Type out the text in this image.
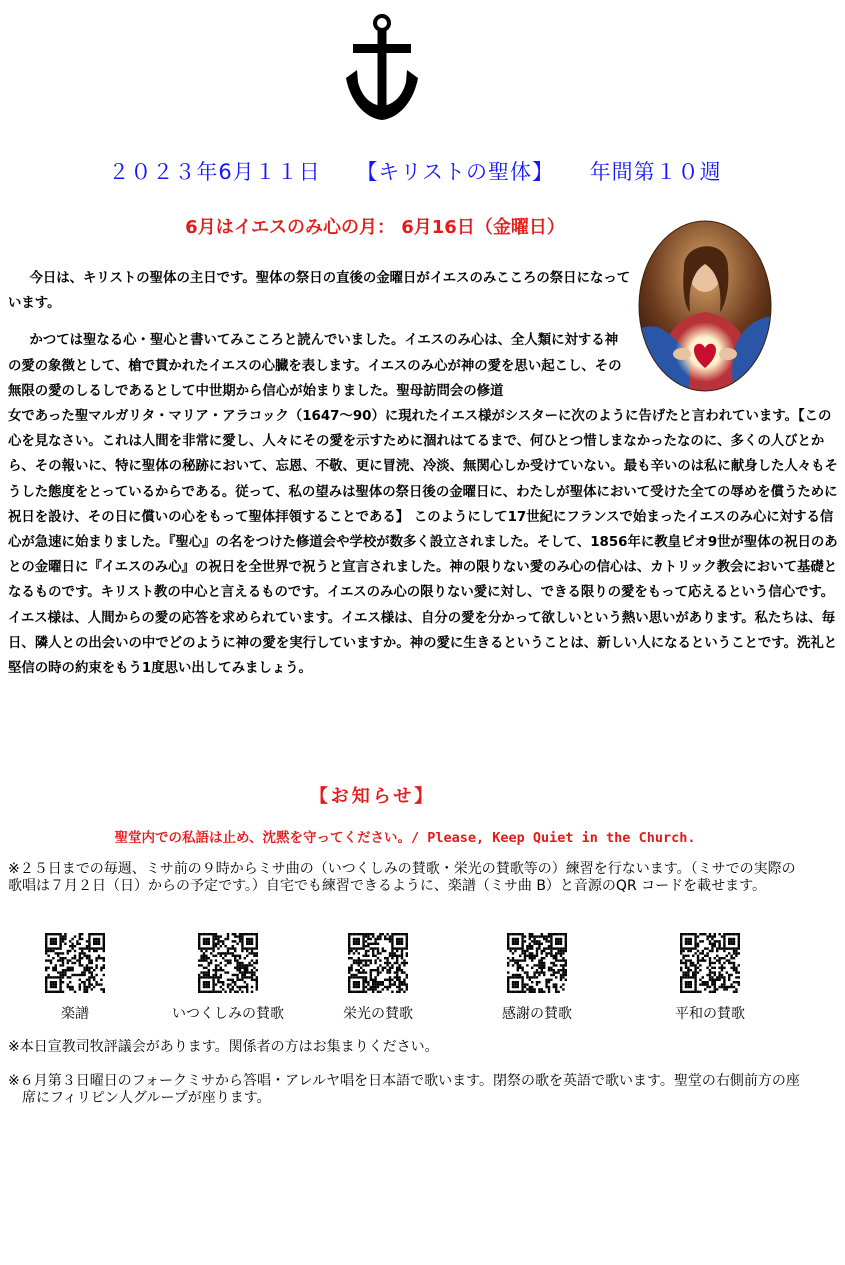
２０２３年6月１１日 【キリストの聖体】 年間第１０週
6月はイエスのみ心の月： 6月16日（金曜日）

今日は、キリストの聖体の主日です。聖体の祭日の直後の金曜日がイエスのみこころの祭日になっています。

かつては聖なる心・聖心と書いてみこころと読んでいました。イエスのみ心は、全人類に対する神の愛の象徴として、槍で貫かれたイエスの心臓を表します。イエスのみ心が神の愛を思い起こし、その無限の愛のしるしであるとして中世期から信心が始まりました。聖母訪問会の修道

女であった聖マルガリタ・マリア・アラコック（1647～90）に現れたイエス様がシスターに次のように告げたと言われています。【この心を見なさい。これは人間を非常に愛し、人々にその愛を示すために涸れはてるまで、何ひとつ惜しまなかったなのに、多くの人びとから、その報いに、特に聖体の秘跡において、忘恩、不敬、更に冒涜、冷淡、無関心しか受けていない。最も辛いのは私に献身した人々もそうした態度をとっているからである。従って、私の望みは聖体の祭日後の金曜日に、わたしが聖体において受けた全ての辱めを償うために祝日を設け、その日に償いの心をもって聖体拝領することである】 このようにして17世紀にフランスで始まったイエスのみ心に対する信心が急速に始まりました。『聖心』の名をつけた修道会や学校が数多く設立されました。そして、1856年に教皇ピオ9世が聖体の祝日のあとの金曜日に『イエスのみ心』の祝日を全世界で祝うと宣言されました。神の限りない愛のみ心の信心は、カトリック教会において基礎となるものです。キリスト教の中心と言えるものです。イエスのみ心の限りない愛に対し、できる限りの愛をもって応えるという信心です。イエス様は、人間からの愛の応答を求められています。イエス様は、自分の愛を分かって欲しいという熱い思いがあります。私たちは、毎日、隣人との出会いの中でどのように神の愛を実行していますか。神の愛に生きるということは、新しい人になるということです。洗礼と堅信の時の約束をもう1度思い出してみましょう。

【お知らせ】
聖堂内での私語は止め、沈黙を守ってください。/ Please, Keep Quiet in the Church.
※２５日までの毎週、ミサ前の９時からミサ曲の（いつくしみの賛歌・栄光の賛歌等の）練習を行ないます。（ミサでの実際の歌唱は７月２日（日）からの予定です。）自宅でも練習できるように、楽譜（ミサ曲 B）と音源のQR コードを載せます。
楽譜	いつくしみの賛歌	栄光の賛歌	感謝の賛歌	平和の賛歌
※本日宣教司牧評議会があります。関係者の方はお集まりください。
※６月第３日曜日のフォークミサから答唱・アレルヤ唱を日本語で歌います。閉祭の歌を英語で歌います。聖堂の右側前方の座席にフィリピン人グループが座ります。
